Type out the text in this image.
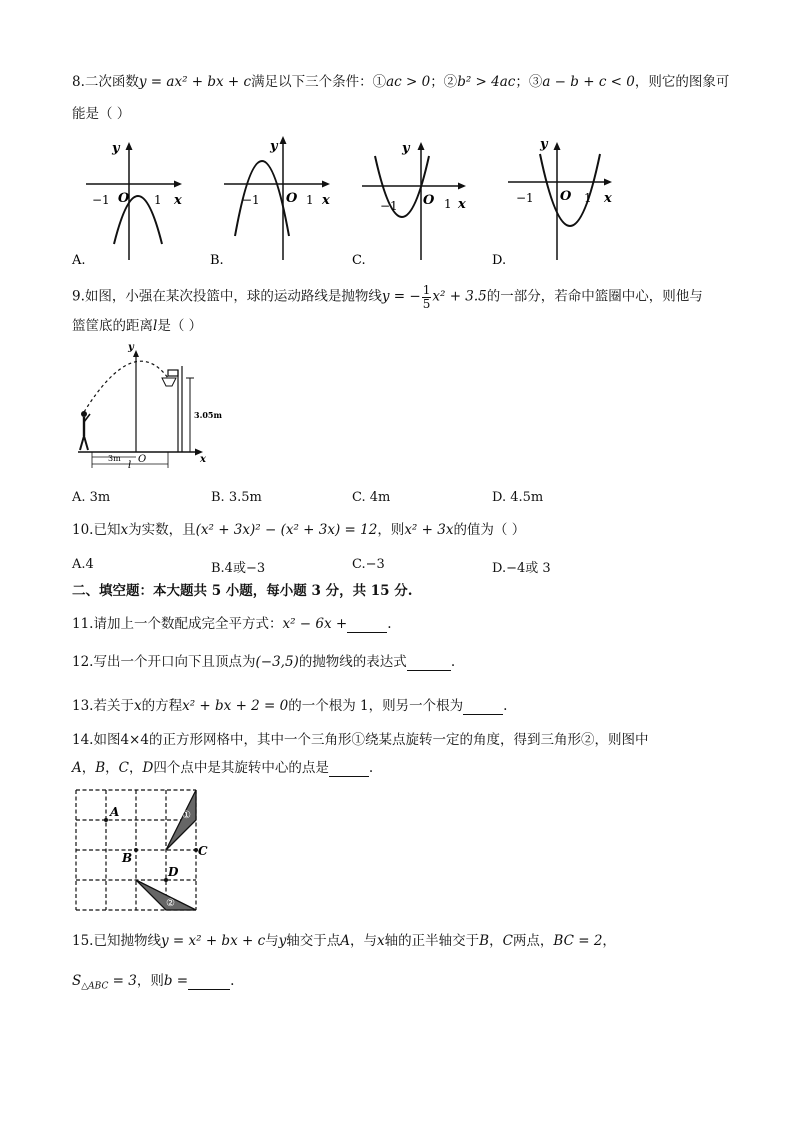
8.二次函数y = ax² + bx + c满足以下三个条件：①ac > 0；②b² > 4ac；③a − b + c < 0，则它的图象可
能是（ ）
y
x
O
−1	1
A.
y
x
O
−1	1
B.
y
x
O
−1	1
C.
y
x
O
−1	1
D.
9.如图，小强在某次投篮中，球的运动路线是抛物线y = − $\frac{1}{5} x^2 + 3.5$的一部分，若命中篮圈中心，则他与
篮筐底的距离l是（ ）
y
x
O
3m
l
3.05m
A. 3m	B. 3.5m	C. 4m	D. 4.5m
10.已知x为实数，且(x² + 3x)² − (x² + 3x) = 12，则x² + 3x的值为（ ）
A.4	B.4或−3	C.−3	D.−4或 3
二、填空题：本大题共 5 小题，每小题 3 分，共 15 分.
11.请加上一个数配成完全平方式：x² − 6x +	.
12.写出一个开口向下且顶点为(−3,5)的抛物线的表达式	.
13.若关于x的方程x² + bx + 2 = 0的一个根为 1，则另一个根为	.
14.如图4×4的正方形网格中，其中一个三角形①绕某点旋转一定的角度，得到三角形②，则图中
A，B，C，D四个点中是其旋转中心的点是	.
A
B	C
D
①
②
15.已知抛物线y = x² + bx + c与y轴交于点A，与x轴的正半轴交于B，C两点，BC = 2，
$S_{\triangle ABC} = 3$，则b =	.
